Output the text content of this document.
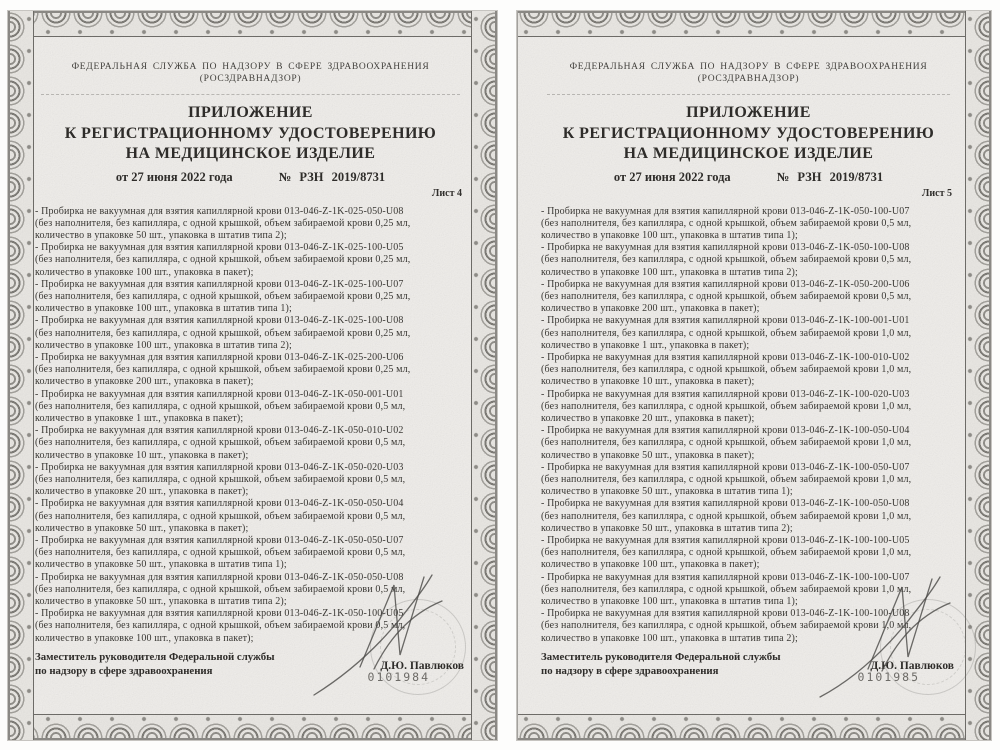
ФЕДЕРАЛЬНАЯ СЛУЖБА ПО НАДЗОРУ В СФЕРЕ ЗДРАВООХРАНЕНИЯ
(РОСЗДРАВНАДЗОР)
ПРИЛОЖЕНИЕ
К РЕГИСТРАЦИОННОМУ УДОСТОВЕРЕНИЮ
НА МЕДИЦИНСКОЕ ИЗДЕЛИЕ
от 27 июня 2022 года	№ РЗН 2019/8731
Лист 4
- Пробирка не вакуумная для взятия капиллярной крови 013-046-Z-1K-025-050-U08
(без наполнителя, без капилляра, с одной крышкой, объем забираемой крови 0,25 мл,
количество в упаковке 50 шт., упаковка в штатив типа 2);
- Пробирка не вакуумная для взятия капиллярной крови 013-046-Z-1K-025-100-U05
(без наполнителя, без капилляра, с одной крышкой, объем забираемой крови 0,25 мл,
количество в упаковке 100 шт., упаковка в пакет);
- Пробирка не вакуумная для взятия капиллярной крови 013-046-Z-1K-025-100-U07
(без наполнителя, без капилляра, с одной крышкой, объем забираемой крови 0,25 мл,
количество в упаковке 100 шт., упаковка в штатив типа 1);
- Пробирка не вакуумная для взятия капиллярной крови 013-046-Z-1K-025-100-U08
(без наполнителя, без капилляра, с одной крышкой, объем забираемой крови 0,25 мл,
количество в упаковке 100 шт., упаковка в штатив типа 2);
- Пробирка не вакуумная для взятия капиллярной крови 013-046-Z-1K-025-200-U06
(без наполнителя, без капилляра, с одной крышкой, объем забираемой крови 0,25 мл,
количество в упаковке 200 шт., упаковка в пакет);
- Пробирка не вакуумная для взятия капиллярной крови 013-046-Z-1K-050-001-U01
(без наполнителя, без капилляра, с одной крышкой, объем забираемой крови 0,5 мл,
количество в упаковке 1 шт., упаковка в пакет);
- Пробирка не вакуумная для взятия капиллярной крови 013-046-Z-1K-050-010-U02
(без наполнителя, без капилляра, с одной крышкой, объем забираемой крови 0,5 мл,
количество в упаковке 10 шт., упаковка в пакет);
- Пробирка не вакуумная для взятия капиллярной крови 013-046-Z-1K-050-020-U03
(без наполнителя, без капилляра, с одной крышкой, объем забираемой крови 0,5 мл,
количество в упаковке 20 шт., упаковка в пакет);
- Пробирка не вакуумная для взятия капиллярной крови 013-046-Z-1K-050-050-U04
(без наполнителя, без капилляра, с одной крышкой, объем забираемой крови 0,5 мл,
количество в упаковке 50 шт., упаковка в пакет);
- Пробирка не вакуумная для взятия капиллярной крови 013-046-Z-1K-050-050-U07
(без наполнителя, без капилляра, с одной крышкой, объем забираемой крови 0,5 мл,
количество в упаковке 50 шт., упаковка в штатив типа 1);
- Пробирка не вакуумная для взятия капиллярной крови 013-046-Z-1K-050-050-U08
(без наполнителя, без капилляра, с одной крышкой, объем забираемой крови 0,5 мл,
количество в упаковке 50 шт., упаковка в штатив типа 2);
- Пробирка не вакуумная для взятия капиллярной крови 013-046-Z-1K-050-100-U05
(без наполнителя, без капилляра, с одной крышкой, объем забираемой крови 0,5 мл,
количество в упаковке 100 шт., упаковка в пакет);
Заместитель руководителя Федеральной службы
по надзору в сфере здравоохранения	Д.Ю. Павлюков
0101984
ФЕДЕРАЛЬНАЯ СЛУЖБА ПО НАДЗОРУ В СФЕРЕ ЗДРАВООХРАНЕНИЯ
(РОСЗДРАВНАДЗОР)
ПРИЛОЖЕНИЕ
К РЕГИСТРАЦИОННОМУ УДОСТОВЕРЕНИЮ
НА МЕДИЦИНСКОЕ ИЗДЕЛИЕ
от 27 июня 2022 года	№ РЗН 2019/8731
Лист 5
- Пробирка не вакуумная для взятия капиллярной крови 013-046-Z-1K-050-100-U07
(без наполнителя, без капилляра, с одной крышкой, объем забираемой крови 0,5 мл,
количество в упаковке 100 шт., упаковка в штатив типа 1);
- Пробирка не вакуумная для взятия капиллярной крови 013-046-Z-1K-050-100-U08
(без наполнителя, без капилляра, с одной крышкой, объем забираемой крови 0,5 мл,
количество в упаковке 100 шт., упаковка в штатив типа 2);
- Пробирка не вакуумная для взятия капиллярной крови 013-046-Z-1K-050-200-U06
(без наполнителя, без капилляра, с одной крышкой, объем забираемой крови 0,5 мл,
количество в упаковке 200 шт., упаковка в пакет);
- Пробирка не вакуумная для взятия капиллярной крови 013-046-Z-1K-100-001-U01
(без наполнителя, без капилляра, с одной крышкой, объем забираемой крови 1,0 мл,
количество в упаковке 1 шт., упаковка в пакет);
- Пробирка не вакуумная для взятия капиллярной крови 013-046-Z-1K-100-010-U02
(без наполнителя, без капилляра, с одной крышкой, объем забираемой крови 1,0 мл,
количество в упаковке 10 шт., упаковка в пакет);
- Пробирка не вакуумная для взятия капиллярной крови 013-046-Z-1K-100-020-U03
(без наполнителя, без капилляра, с одной крышкой, объем забираемой крови 1,0 мл,
количество в упаковке 20 шт., упаковка в пакет);
- Пробирка не вакуумная для взятия капиллярной крови 013-046-Z-1K-100-050-U04
(без наполнителя, без капилляра, с одной крышкой, объем забираемой крови 1,0 мл,
количество в упаковке 50 шт., упаковка в пакет);
- Пробирка не вакуумная для взятия капиллярной крови 013-046-Z-1K-100-050-U07
(без наполнителя, без капилляра, с одной крышкой, объем забираемой крови 1,0 мл,
количество в упаковке 50 шт., упаковка в штатив типа 1);
- Пробирка не вакуумная для взятия капиллярной крови 013-046-Z-1K-100-050-U08
(без наполнителя, без капилляра, с одной крышкой, объем забираемой крови 1,0 мл,
количество в упаковке 50 шт., упаковка в штатив типа 2);
- Пробирка не вакуумная для взятия капиллярной крови 013-046-Z-1K-100-100-U05
(без наполнителя, без капилляра, с одной крышкой, объем забираемой крови 1,0 мл,
количество в упаковке 100 шт., упаковка в пакет);
- Пробирка не вакуумная для взятия капиллярной крови 013-046-Z-1K-100-100-U07
(без наполнителя, без капилляра, с одной крышкой, объем забираемой крови 1,0 мл,
количество в упаковке 100 шт., упаковка в штатив типа 1);
- Пробирка не вакуумная для взятия капиллярной крови 013-046-Z-1K-100-100-U08
(без наполнителя, без капилляра, с одной крышкой, объем забираемой крови 1,0 мл,
количество в упаковке 100 шт., упаковка в штатив типа 2);
Заместитель руководителя Федеральной службы
по надзору в сфере здравоохранения	Д.Ю. Павлюков
0101985
